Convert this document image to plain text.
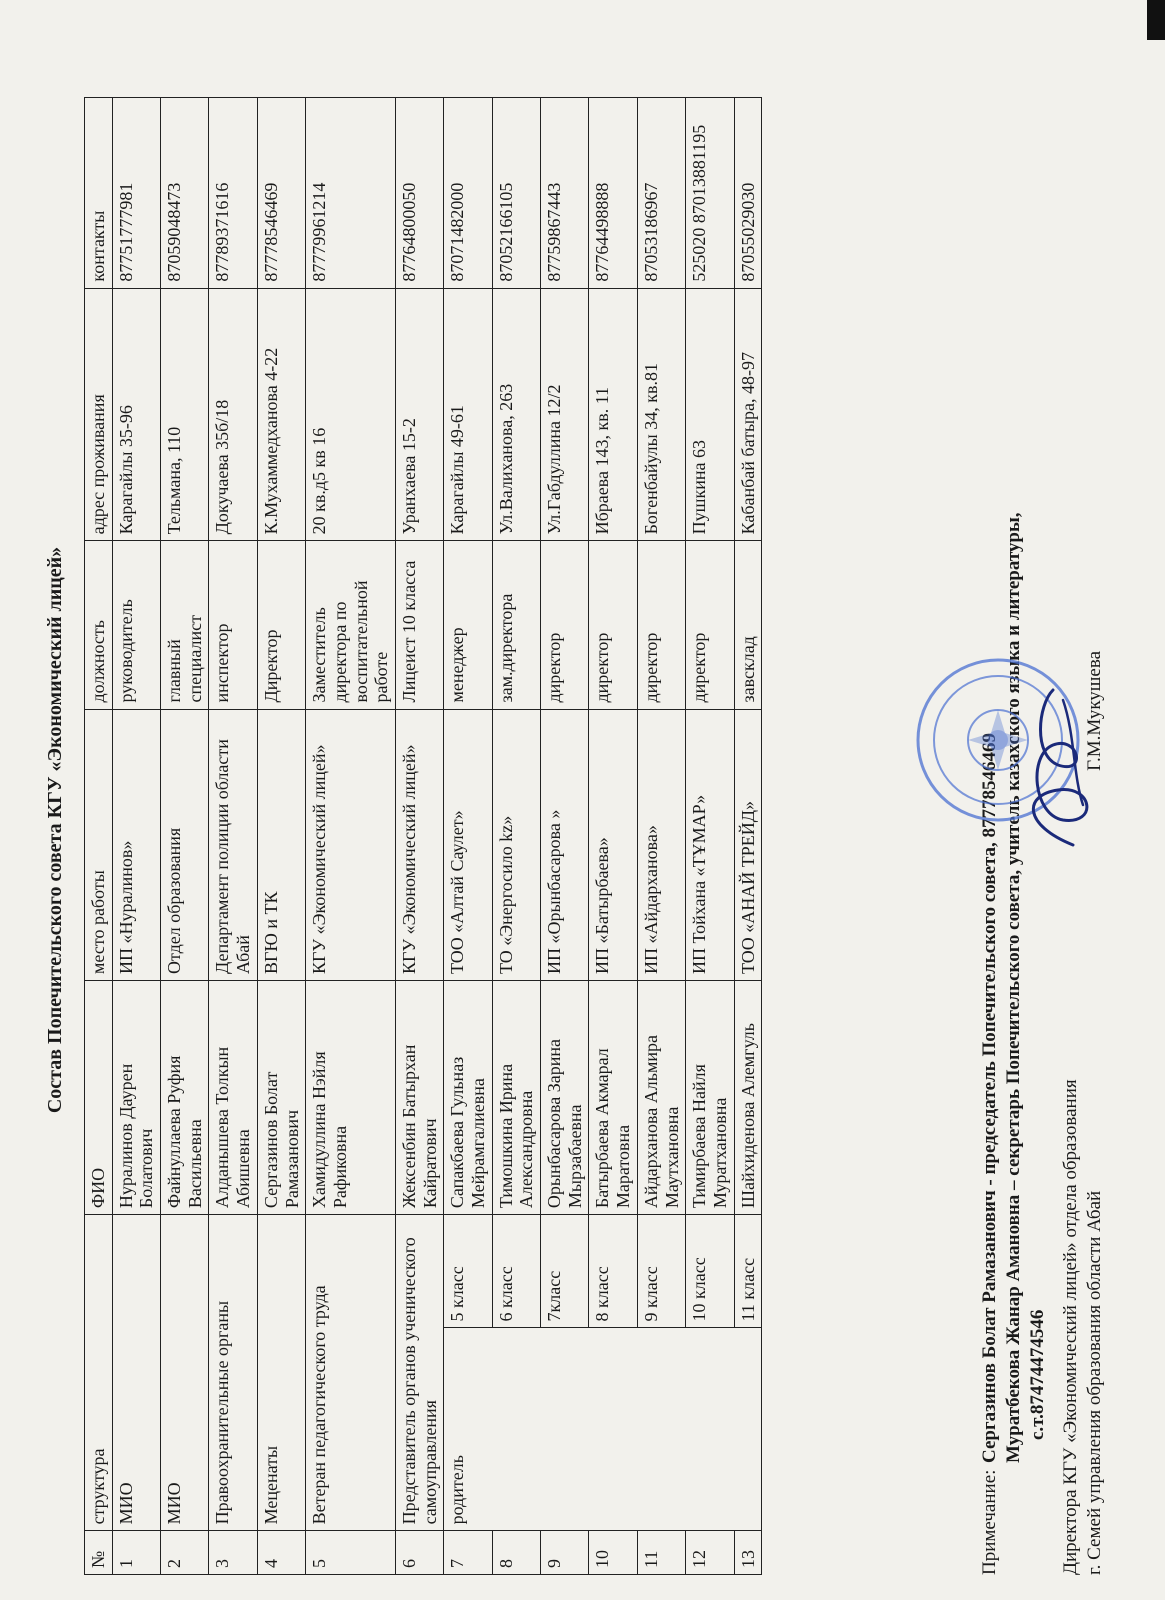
Состав Попечительского совета КГУ «Экономический лицей»
№	структура		ФИО	место работы	должность	адрес проживания	контакты
1	МИО		Нуралинов Даурен Болатович	ИП «Нуралинов»	руководитель	Карагайлы 35-96	87751777981
2	МИО		Файнуллаева Руфия Васильевна	Отдел образования	главный специалист	Тельмана, 110	87059048473
3	Правоохранительные органы		Алданышева Толкын Абишевна	Департамент полиции области Абай	инспектор	Докучаева 35б/18	87789371616
4	Меценаты		Сергазинов Болат Рамазанович	ВГЮ и ТК	Директор	К.Мухаммедханова 4-22	87778546469
5	Ветеран педагогического труда		Хамидуллина Нэйля Рафиковна	КГУ «Экономический лицей»	Заместитель директора по воспитательной работе	20 кв.д5 кв 16	87779961214
6	Представитель органов ученического самоуправления		Жексенбин Батырхан Кайратович	КГУ «Экономический лицей»	Лицеист 10 класса	Уранхаева 15-2	87764800050
7	родитель	5 класс	Сапакбаева Гульназ Мейрамгалиевна	ТОО «Алтай Саулет»	менеджер	Карагайлы 49-61	87071482000
8		6 класс	Тимошкина Ирина Александровна	ТО «Энергосило kz»	зам.директора	Ул.Валиханова, 263	87052166105
9		7класс	Орынбасарова Зарина Мырзабаевна	ИП «Орынбасарова »	директор	Ул.Габдуллина 12/2	87759867443
10		8 класс	Батырбаева Акмарал Маратовна	ИП «Батырбаева»	директор	Ибраева 143, кв. 11	87764498888
11		9 класс	Айдарханова Альмира Маутхановна	ИП «Айдарханова»	директор	Богенбайулы 34, кв.81	87053186967
12		10 класс	Тимирбаева Найля Муратхановна	ИП Тойхана «ТҰМАР»	директор	Пушкина 63	525020 87013881195
13		11 класс	Шайхиденова Алемгуль	ТОО «АНАЙ ТРЕЙД»	завсклад	Кабанбай батыра, 48-97	87055029030
Примечание:
Сергазинов Болат Рамазанович - председатель Попечительского совета, 87778546469 Муратбекова Жанар Амановна – секретарь Попечительского совета, учитель казахского языка и литературы, с.т.87474474546 Директора КГУ «Экономический лицей» отдела образования г. Семей управления образования области Абай
Г.М.Мукушева
